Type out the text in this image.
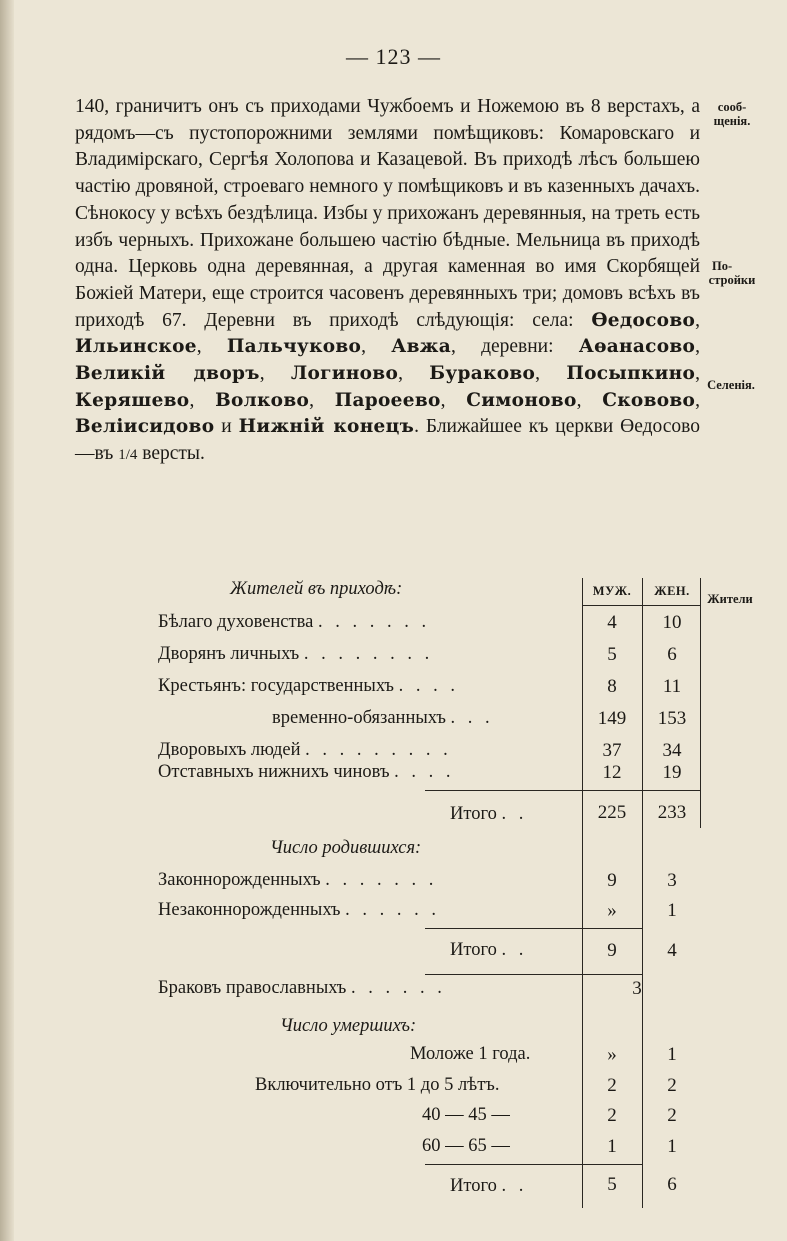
— 123 —
сооб-
щенія.
По-
стройки
Селенія.
Жители

140, граничитъ онъ съ приходами Чужбоемъ и Ножемою въ 8 верстахъ, а рядомъ—съ пустопорожними землями помѣщиковъ: Комаровскаго и Владимірскаго, Сергѣя Холопова и Казацевой. Въ приходѣ лѣсъ большею частію дровяной, строеваго немного у помѣщиковъ и въ казенныхъ дачахъ. Сѣнокосу у всѣхъ бездѣлица. Избы у прихожанъ деревянныя, на треть есть избъ черныхъ. Прихожане большею частію бѣдные. Мельница въ приходѣ одна. Церковь одна деревянная, а другая каменная во имя Скорбящей Божіей Матери, еще строится часовенъ деревянныхъ три; домовъ всѣхъ въ приходѣ 67. Деревни въ приходѣ слѣдующія: села: Өедосово, Ильинское, Пальчуково, Авжа, деревни: Аөанасово, Великій дворъ, Логиново, Бураково, Посыпкино, Керяшево, Волково, Пароеево, Симоново, Сковово, Веліисидово и Нижній конецъ. Ближайшее къ церкви Өедосово—въ 1/4 версты.

Жителей въ приходѣ:	МУЖ.	ЖЕН.
Бѣлаго духовенства . . . . . . .	4	10
Дворянъ личныхъ . . . . . . . .	5	6
Крестьянъ: государственныхъ . . . .	8	11
временно-обязанныхъ . . .	149	153
Дворовыхъ людей . . . . . . . . .	37	34
Отставныхъ нижнихъ чиновъ . . . .	12	19
Итого . .	225	233
Число родившихся:
Законнорожденныхъ . . . . . . .	9	3
Незаконнорожденныхъ . . . . . .	»	1
Итого . .	9	4
Браковъ православныхъ . . . . . .	3
Число умершихъ:
Моложе 1 года.	»	1
Включительно отъ 1 до 5 лѣтъ.	2	2
40 — 45 —	2	2
60 — 65 —	1	1
Итого . .	5	6
